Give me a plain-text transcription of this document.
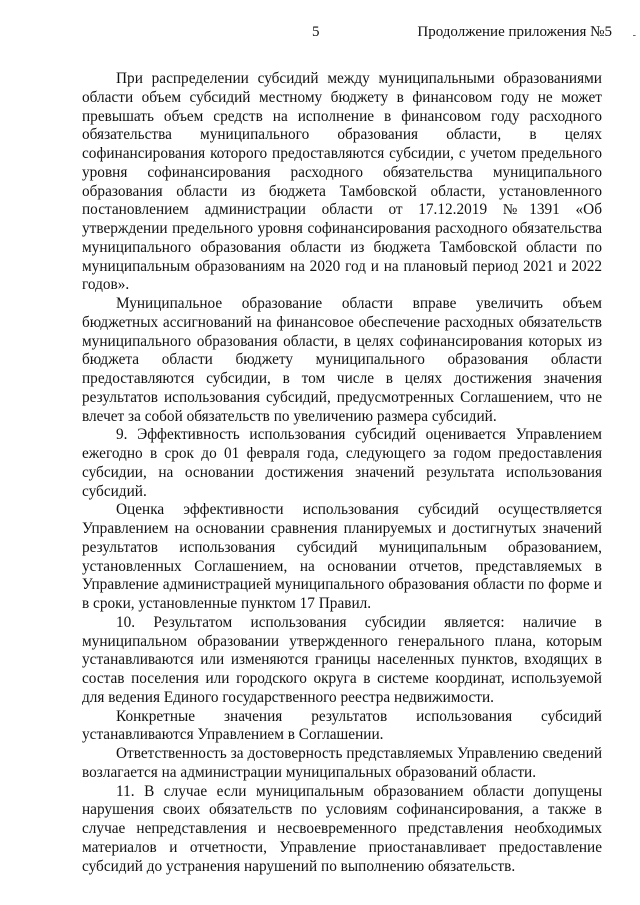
5	Продолжение приложения №5 -

При распределении субсидий между муниципальными образованиями области объем субсидий местному бюджету в финансовом году не может превышать объем средств на исполнение в финансовом году расходного обязательства муниципального образования области, в целях софинансирования которого предоставляются субсидии, с учетом предельного уровня софинансирования расходного обязательства муниципального образования области из бюджета Тамбовской области, установленного постановлением администрации области от 17.12.2019 №1391 «Об утверждении предельного уровня софинансирования расходного обязательства муниципального образования области из бюджета Тамбовской области по муниципальным образованиям на 2020 год и на плановый период 2021 и 2022 годов».

Муниципальное образование области вправе увеличить объем бюджетных ассигнований на финансовое обеспечение расходных обязательств муниципального образования области, в целях софинансирования которых из бюджета области бюджету муниципального образования области предоставляются субсидии, в том числе в целях достижения значения результатов использования субсидий, предусмотренных Соглашением, что не влечет за собой обязательств по увеличению размера субсидий.

9. Эффективность использования субсидий оценивается Управлением ежегодно в срок до 01 февраля года, следующего за годом предоставления субсидии, на основании достижения значений результата использования субсидий.

Оценка эффективности использования субсидий осуществляется Управлением на основании сравнения планируемых и достигнутых значений результатов использования субсидий муниципальным образованием, установленных Соглашением, на основании отчетов, представляемых в Управление администрацией муниципального образования области по форме и в сроки, установленные пунктом 17 Правил.

10. Результатом использования субсидии является: наличие в муниципальном образовании утвержденного генерального плана, которым устанавливаются или изменяются границы населенных пунктов, входящих в состав поселения или городского округа в системе координат, используемой для ведения Единого государственного реестра недвижимости.

Конкретные значения результатов использования субсидий устанавливаются Управлением в Соглашении.

Ответственность за достоверность представляемых Управлению сведений возлагается на администрации муниципальных образований области.

11. В случае если муниципальным образованием области допущены нарушения своих обязательств по условиям софинансирования, а также в случае непредставления и несвоевременного представления необходимых материалов и отчетности, Управление приостанавливает предоставление субсидий до устранения нарушений по выполнению обязательств.
